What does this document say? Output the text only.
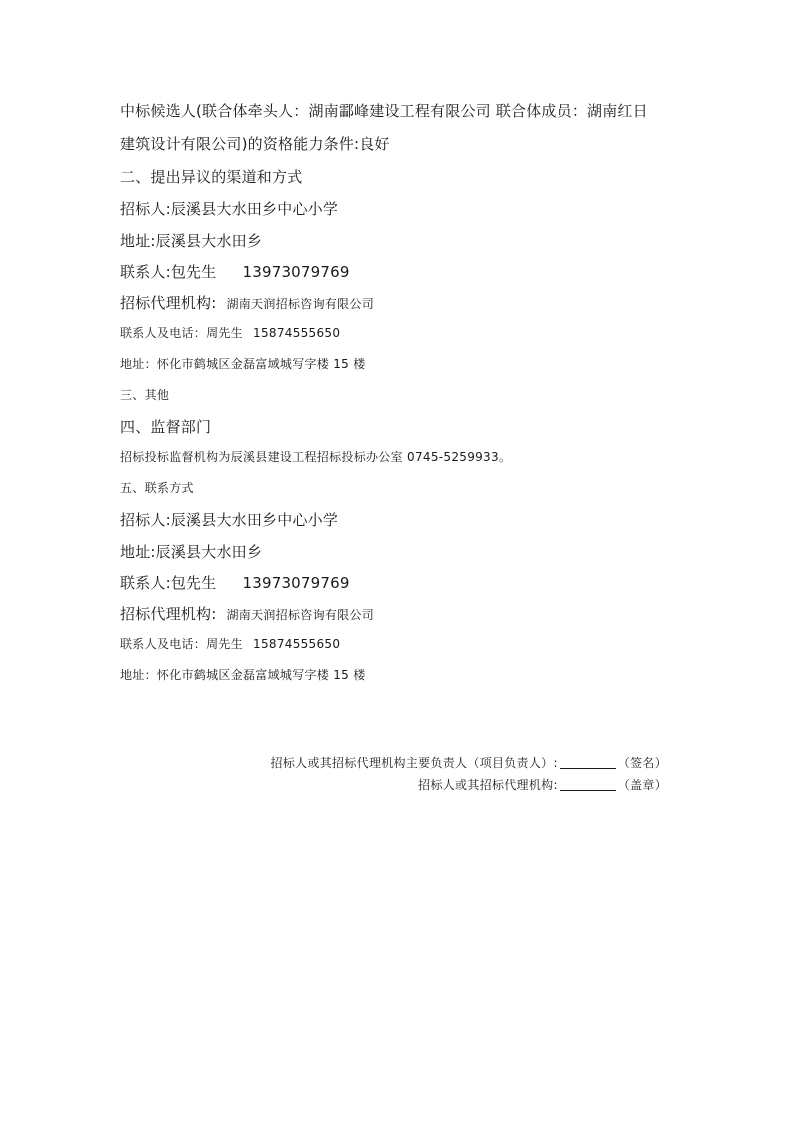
中标候选人(联合体牵头人：湖南酃峰建设工程有限公司 联合体成员：湖南红日

建筑设计有限公司)的资格能力条件:良好

二、提出异议的渠道和方式

招标人:辰溪县大水田乡中心小学

地址:辰溪县大水田乡

联系人:包先生 13973079769

招标代理机构: 湖南天润招标咨询有限公司

联系人及电话：周先生 15874555650

地址：怀化市鹤城区金磊富域城写字楼 15 楼

三、其他

四、监督部门

招标投标监督机构为辰溪县建设工程招标投标办公室 0745-5259933。

五、联系方式

招标人:辰溪县大水田乡中心小学

地址:辰溪县大水田乡

联系人:包先生 13973079769

招标代理机构: 湖南天润招标咨询有限公司

联系人及电话：周先生 15874555650

地址：怀化市鹤城区金磊富域城写字楼 15 楼

招标人或其招标代理机构主要负责人（项目负责人）:	（签名）
招标人或其招标代理机构:	（盖章）
